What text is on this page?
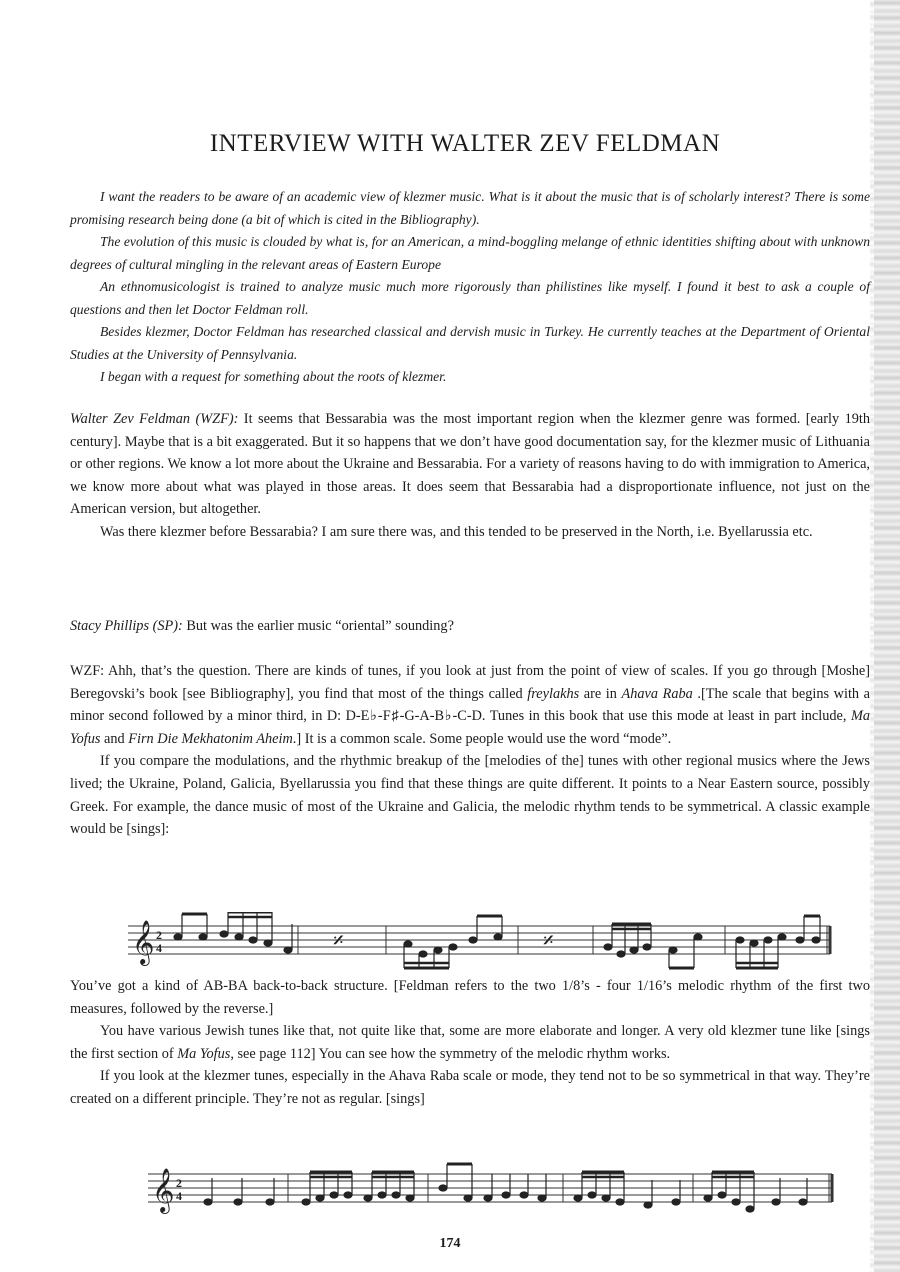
INTERVIEW WITH WALTER ZEV FELDMAN

I want the readers to be aware of an academic view of klezmer music. What is it about the music that is of scholarly interest? There is some promising research being done (a bit of which is cited in the Bibliography).

The evolution of this music is clouded by what is, for an American, a mind-boggling melange of ethnic identities shifting about with unknown degrees of cultural mingling in the relevant areas of Eastern Europe

An ethnomusicologist is trained to analyze music much more rigorously than philistines like myself. I found it best to ask a couple of questions and then let Doctor Feldman roll.

Besides klezmer, Doctor Feldman has researched classical and dervish music in Turkey. He currently teaches at the Department of Oriental Studies at the University of Pennsylvania.

I began with a request for something about the roots of klezmer.

Walter Zev Feldman (WZF): It seems that Bessarabia was the most important region when the klezmer genre was formed. [early 19th century]. Maybe that is a bit exaggerated. But it so happens that we don’t have good documentation say, for the klezmer music of Lithuania or other regions. We know a lot more about the Ukraine and Bessarabia. For a variety of reasons having to do with immigration to America, we know more about what was played in those areas. It does seem that Bessarabia had a disproportionate influence, not just on the American version, but altogether.

Was there klezmer before Bessarabia? I am sure there was, and this tended to be preserved in the North, i.e. Byellarussia etc.

Stacy Phillips (SP): But was the earlier music “oriental” sounding?

WZF: Ahh, that’s the question. There are kinds of tunes, if you look at just from the point of view of scales. If you go through [Moshe] Beregovski’s book [see Bibliography], you find that most of the things called freylakhs are in Ahava Raba .[The scale that begins with a minor second followed by a minor third, in D: D-E♭-F♯-G-A-B♭-C-D. Tunes in this book that use this mode at least in part include, Ma Yofus and Firn Die Mekhatonim Aheim.] It is a common scale. Some people would use the word “mode”.

If you compare the modulations, and the rhythmic breakup of the [melodies of the] tunes with other regional musics where the Jews lived; the Ukraine, Poland, Galicia, Byellarussia you find that these things are quite different. It points to a Near Eastern source, possibly Greek. For example, the dance music of most of the Ukraine and Galicia, the melodic rhythm tends to be symmetrical. A classic example would be [sings]:

𝄞 2
4	𝄎	𝄎

You’ve got a kind of AB-BA back-to-back structure. [Feldman refers to the two 1/8’s - four 1/16’s melodic rhythm of the first two measures, followed by the reverse.]

You have various Jewish tunes like that, not quite like that, some are more elaborate and longer. A very old klezmer tune like [sings the first section of Ma Yofus, see page 112] You can see how the symmetry of the melodic rhythm works.

If you look at the klezmer tunes, especially in the Ahava Raba scale or mode, they tend not to be so symmetrical in that way. They’re created on a different principle. They’re not as regular. [sings]

𝄞 2
4
174
